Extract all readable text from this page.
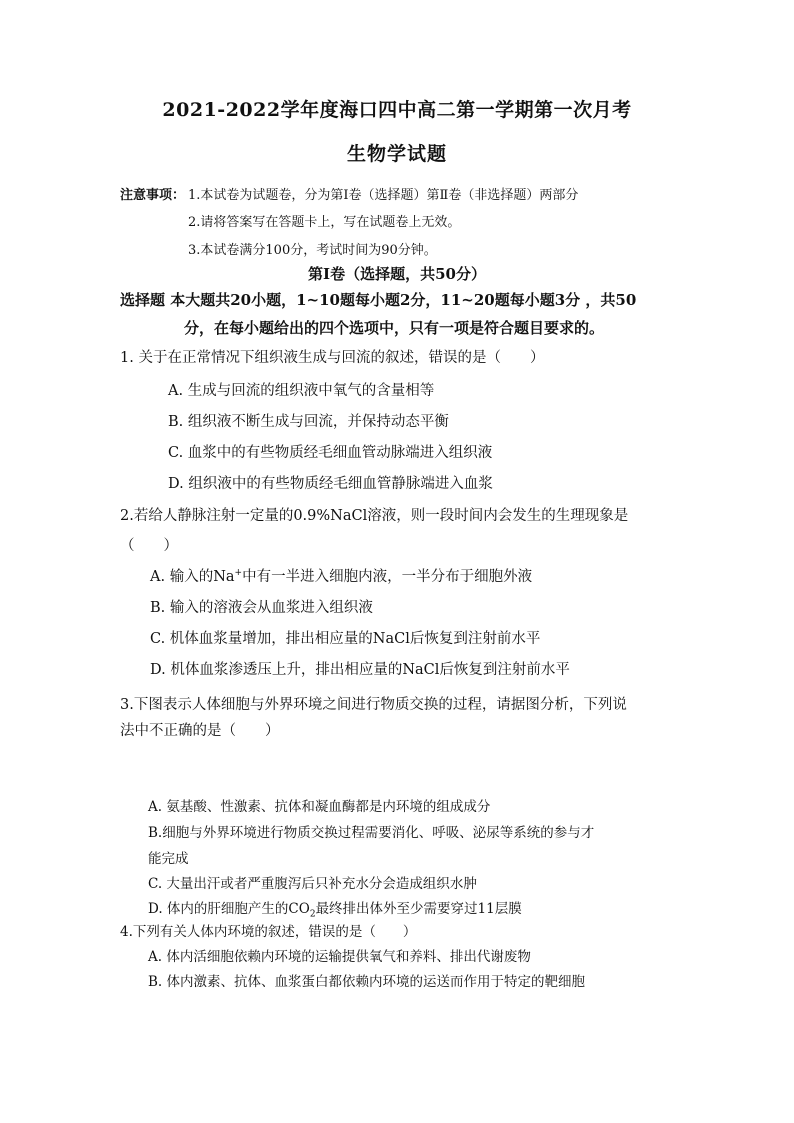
2021-2022学年度海口四中高二第一学期第一次月考
生物学试题
注意事项： 1.本试卷为试题卷，分为第Ⅰ卷（选择题）第Ⅱ卷（非选择题）两部分
2.请将答案写在答题卡上，写在试题卷上无效。
3.本试卷满分100分，考试时间为90分钟。
第Ⅰ卷（选择题，共50分）
选择题 本大题共20小题，1~10题每小题2分，11~20题每小题3分 ，共50
分，在每小题给出的四个选项中，只有一项是符合题目要求的。
1. 关于在正常情况下组织液生成与回流的叙述，错误的是（　　）
A. 生成与回流的组织液中氧气的含量相等
B. 组织液不断生成与回流，并保持动态平衡
C. 血浆中的有些物质经毛细血管动脉端进入组织液
D. 组织液中的有些物质经毛细血管静脉端进入血浆
2.若给人静脉注射一定量的0.9%NaCl溶液，则一段时间内会发生的生理现象是
（　　）
A. 输入的Na+中有一半进入细胞内液，一半分布于细胞外液
B. 输入的溶液会从血浆进入组织液
C. 机体血浆量增加，排出相应量的NaCl后恢复到注射前水平
D. 机体血浆渗透压上升，排出相应量的NaCl后恢复到注射前水平
3.下图表示人体细胞与外界环境之间进行物质交换的过程，请据图分析，下列说
法中不正确的是（　　）
A. 氨基酸、性激素、抗体和凝血酶都是内环境的组成成分
B.细胞与外界环境进行物质交换过程需要消化、呼吸、泌尿等系统的参与才
能完成
C. 大量出汗或者严重腹泻后只补充水分会造成组织水肿
D. 体内的肝细胞产生的$CO_2$最终排出体外至少需要穿过11层膜
4.下列有关人体内环境的叙述，错误的是（　　）
A. 体内活细胞依赖内环境的运输提供氧气和养料、排出代谢废物
B. 体内激素、抗体、血浆蛋白都依赖内环境的运送而作用于特定的靶细胞
